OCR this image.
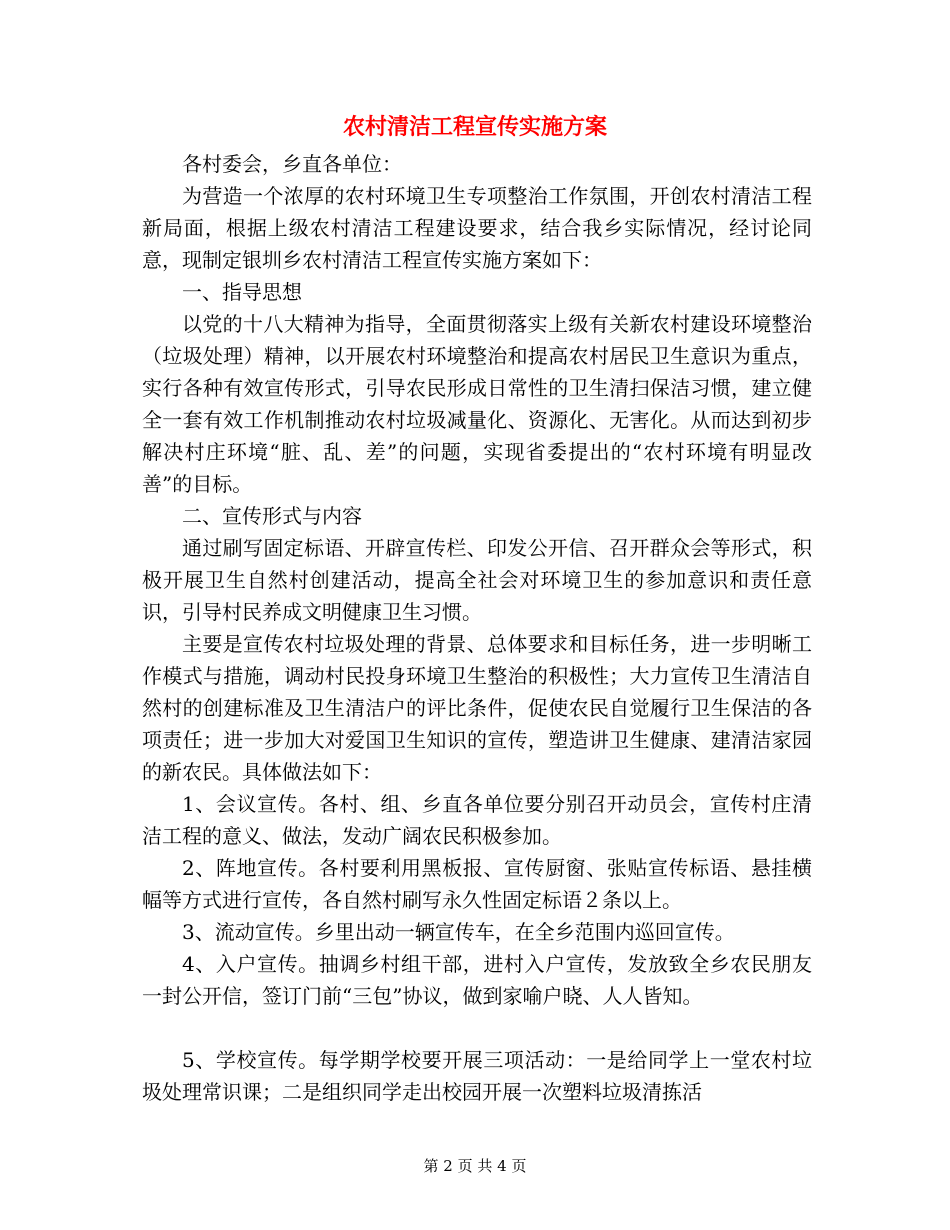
农村清洁工程宣传实施方案

各村委会，乡直各单位：

为营造一个浓厚的农村环境卫生专项整治工作氛围，开创农村清洁工程新局面，根据上级农村清洁工程建设要求，结合我乡实际情况，经讨论同意，现制定银圳乡农村清洁工程宣传实施方案如下：

一、指导思想

以党的十八大精神为指导，全面贯彻落实上级有关新农村建设环境整治（垃圾处理）精神，以开展农村环境整治和提高农村居民卫生意识为重点，实行各种有效宣传形式，引导农民形成日常性的卫生清扫保洁习惯，建立健全一套有效工作机制推动农村垃圾减量化、资源化、无害化。从而达到初步解决村庄环境“脏、乱、差”的问题，实现省委提出的“农村环境有明显改善”的目标。

二、宣传形式与内容

通过刷写固定标语、开辟宣传栏、印发公开信、召开群众会等形式，积极开展卫生自然村创建活动，提高全社会对环境卫生的参加意识和责任意识，引导村民养成文明健康卫生习惯。

主要是宣传农村垃圾处理的背景、总体要求和目标任务，进一步明晰工作模式与措施，调动村民投身环境卫生整治的积极性；大力宣传卫生清洁自然村的创建标准及卫生清洁户的评比条件，促使农民自觉履行卫生保洁的各项责任；进一步加大对爱国卫生知识的宣传，塑造讲卫生健康、建清洁家园的新农民。具体做法如下：

1、会议宣传。各村、组、乡直各单位要分别召开动员会，宣传村庄清洁工程的意义、做法，发动广阔农民积极参加。

2、阵地宣传。各村要利用黑板报、宣传厨窗、张贴宣传标语、悬挂横幅等方式进行宣传，各自然村刷写永久性固定标语２条以上。

3、流动宣传。乡里出动一辆宣传车，在全乡范围内巡回宣传。

4、入户宣传。抽调乡村组干部，进村入户宣传，发放致全乡农民朋友一封公开信，签订门前“三包”协议，做到家喻户晓、人人皆知。

5、学校宣传。每学期学校要开展三项活动：一是给同学上一堂农村垃圾处理常识课；二是组织同学走出校园开展一次塑料垃圾清拣活

第 2 页 共 4 页
